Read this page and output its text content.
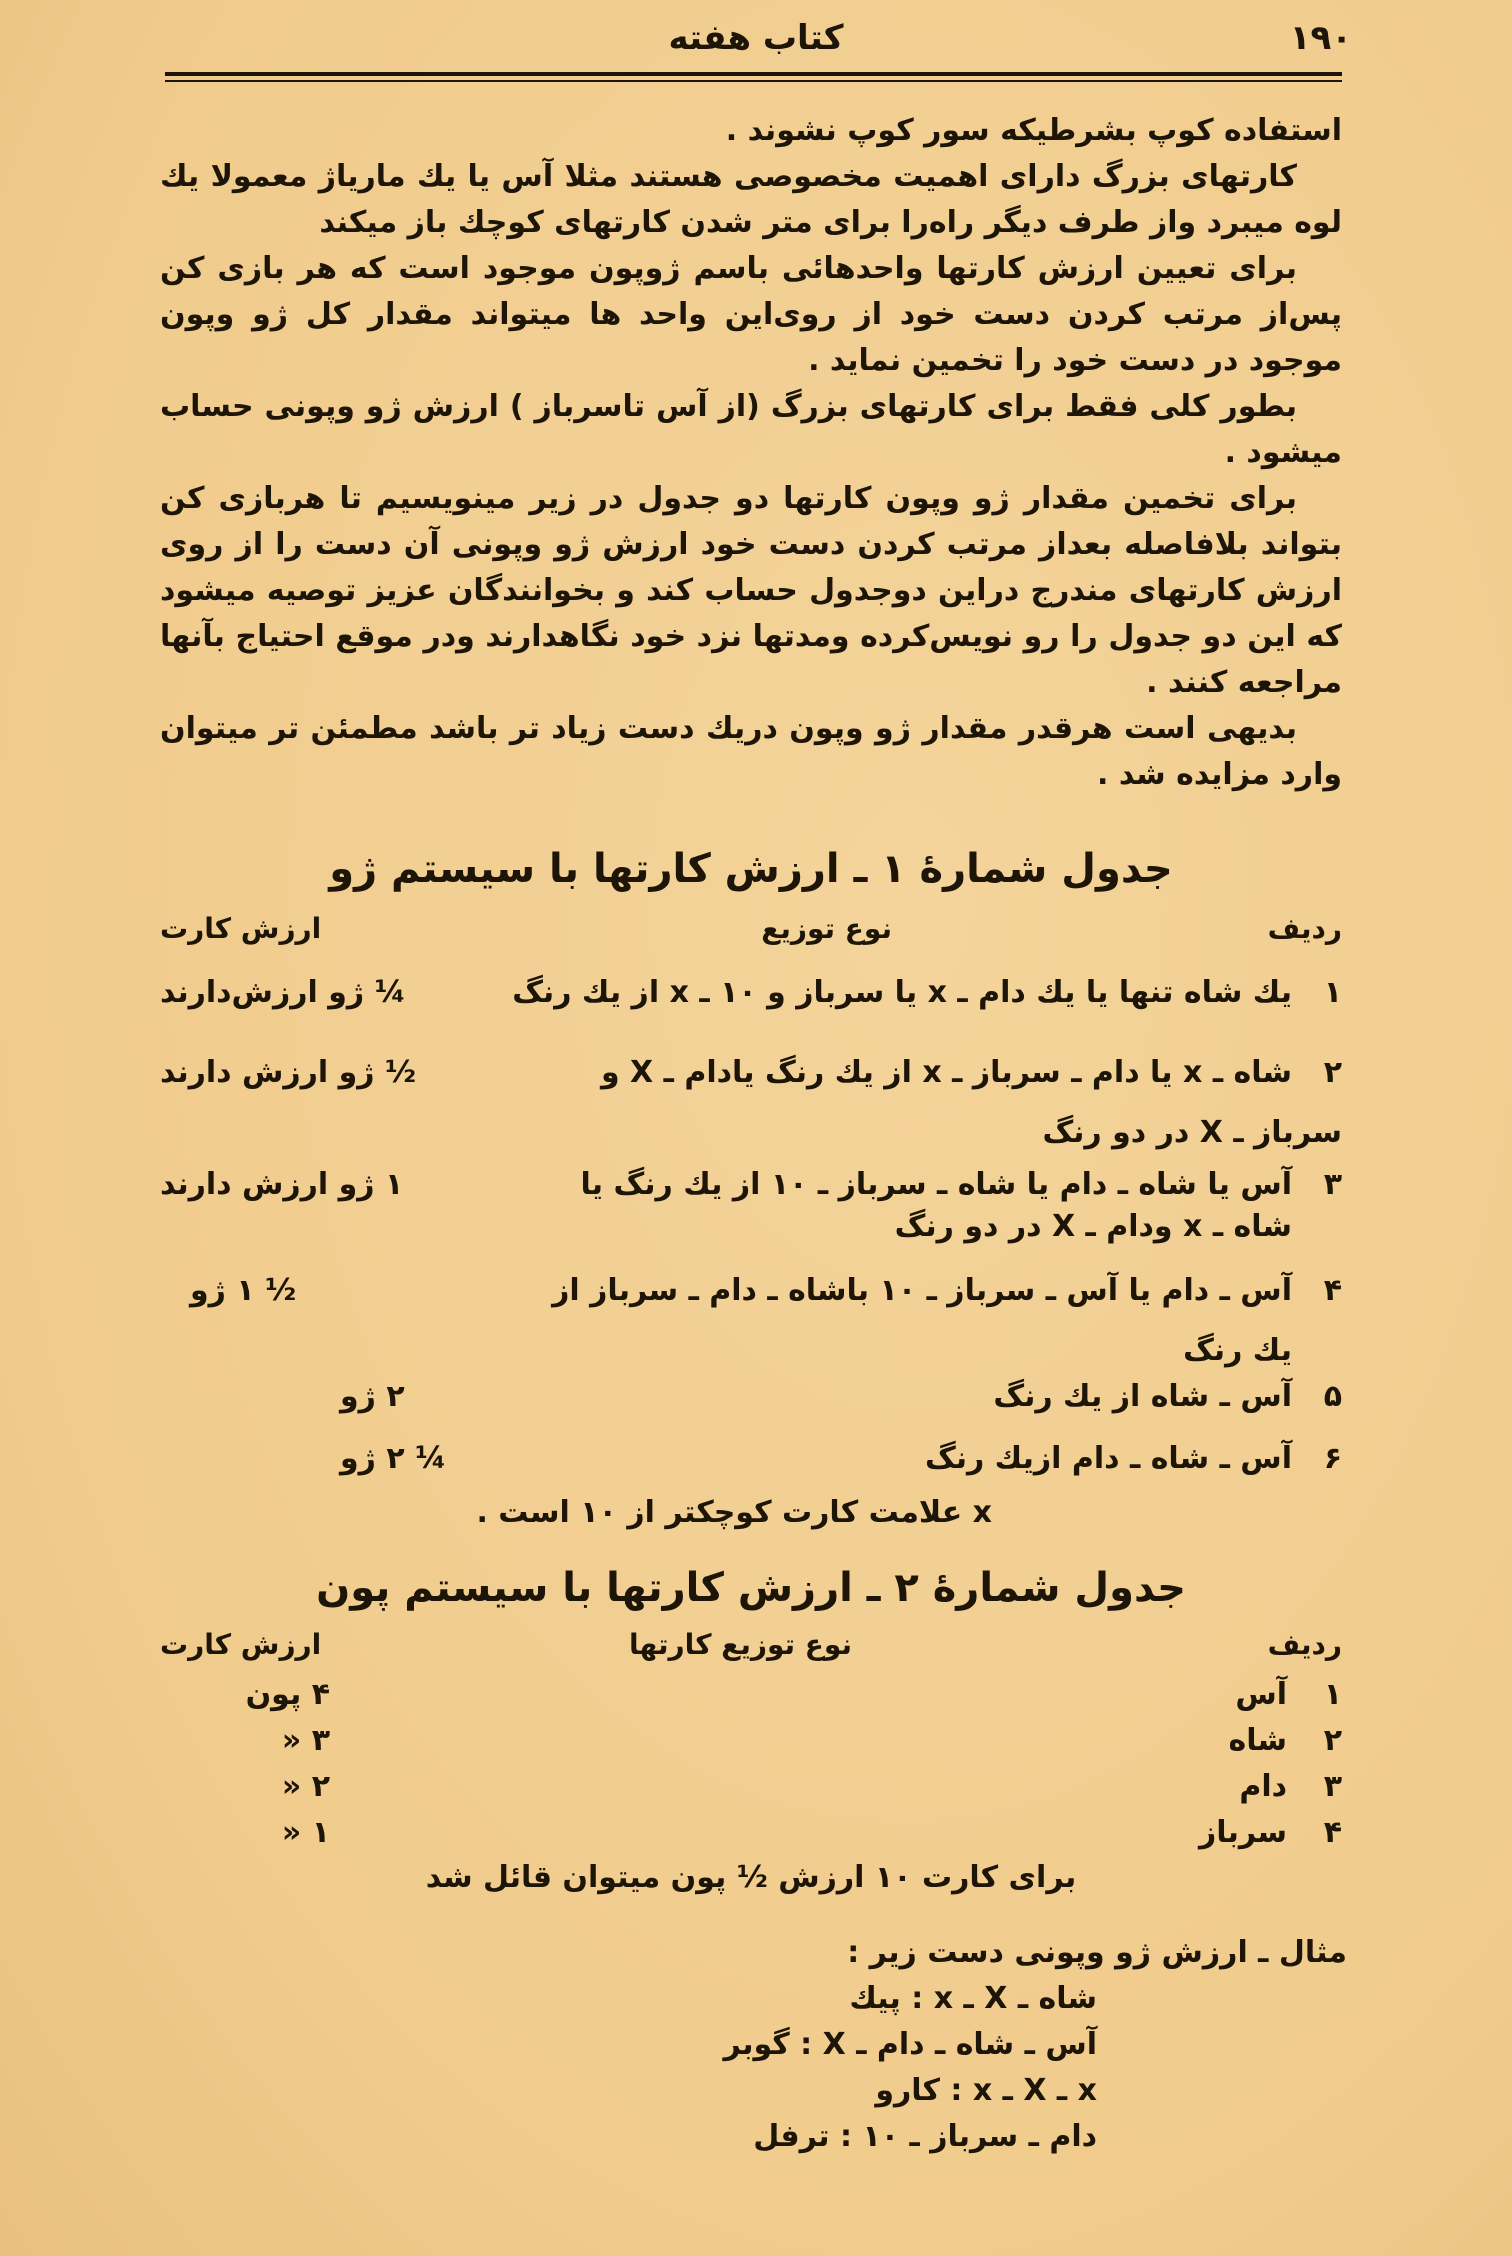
۱۹۰
کتاب هفته

استفاده کوپ بشرطیکه سور کوپ نشوند .

کارتهای بزرگ دارای اهمیت مخصوصی هستند مثلا آس یا یك ماریاژ معمولا یك لوه میبرد واز طرف دیگر راه‌را برای متر شدن کارتهای کوچك باز میکند

برای تعیین ارزش کارتها واحدهائی باسم ژوپون موجود است که هر بازی کن پس‌از مرتب کردن دست خود از روی‌این واحد ها میتواند مقدار کل ژو وپون موجود در دست خود را تخمین نماید .

بطور کلی فقط برای کارتهای بزرگ (از آس تاسرباز ) ارزش ژو وپونی حساب میشود .

برای تخمین مقدار ژو وپون کارتها دو جدول در زیر مینویسیم تا هربازی کن بتواند بلافاصله بعداز مرتب کردن دست خود ارزش ژو وپونی آن دست را از روی ارزش کارتهای مندرج دراین دوجدول حساب کند و بخوانندگان عزیز توصیه میشود که این دو جدول را رو نویس‌کرده ومدتها نزد خود نگاهدارند ودر موقع احتیاج بآنها مراجعه کنند .

بدیهی است هرقدر مقدار ژو وپون دریك دست زیاد تر باشد مطمئن تر میتوان وارد مزایده شد .

جدول شمارهٔ ۱ ـ ارزش کارتها با سیستم ژو
ردیف
نوع توزیع
ارزش کارت
۱
یك شاه تنها یا یك دام ـ x یا سرباز و ۱۰ ـ x از یك رنگ
¼ ژو ارزش‌دارند
۲
شاه ـ x یا دام ـ سرباز ـ x از یك رنگ یادام ـ X و
½ ژو ارزش دارند
سرباز ـ X در دو رنگ
۳
آس یا شاه ـ دام یا شاه ـ سرباز ـ ۱۰ از یك رنگ یا
۱ ژو ارزش دارند
شاه ـ x ودام ـ X در دو رنگ
۴
آس ـ دام یا آس ـ سرباز ـ ۱۰ باشاه ـ دام ـ سرباز از
½ ۱ ژو
یك رنگ
۵
آس ـ شاه از یك رنگ
۲ ژو
۶
آس ـ شاه ـ دام ازیك رنگ
¼ ۲ ژو
x علامت کارت کوچکتر از ۱۰ است .
جدول شمارهٔ ۲ ـ ارزش کارتها با سیستم پون
ردیف
نوع توزیع کارتها
ارزش کارت
۱
آس
۴ پون
۲
شاه
۳ «
۳
دام
۲ «
۴
سرباز
۱ «
برای کارت ۱۰ ارزش ½ پون میتوان قائل شد
مثال ـ ارزش ژو وپونی دست زیر :
شاه ـ X ـ x : پیك
آس ـ شاه ـ دام ـ X : گوبر
x ـ X ـ x : کارو
دام ـ سرباز ـ ۱۰ : ترفل
